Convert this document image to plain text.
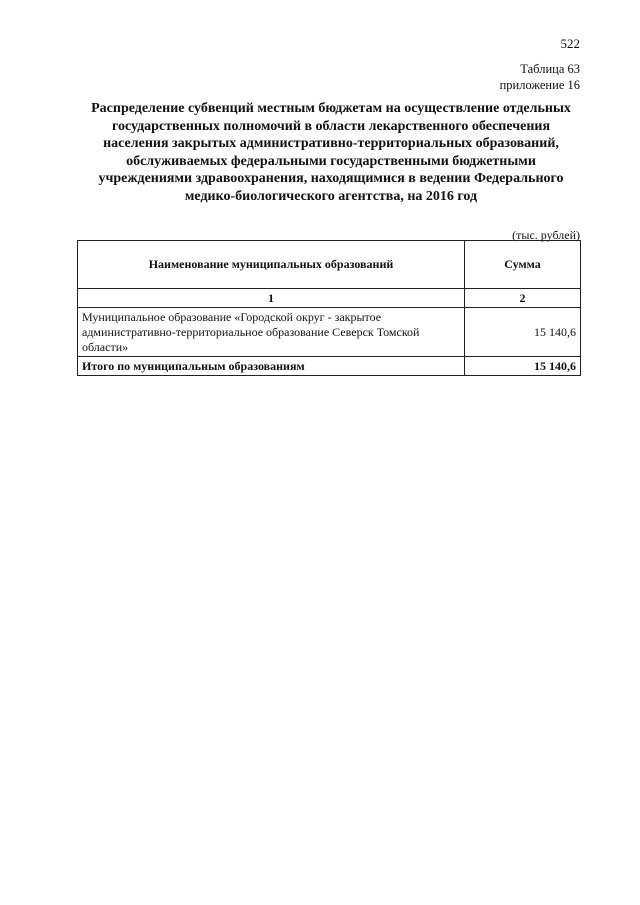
522
Таблица 63
приложение 16
Распределение субвенций местным бюджетам на осуществление отдельных
государственных полномочий в области лекарственного обеспечения
населения закрытых административно-территориальных образований,
обслуживаемых федеральными государственными бюджетными
учреждениями здравоохранения, находящимися в ведении Федерального
медико-биологического агентства, на 2016 год
(тыс. рублей)
Наименование муниципальных образований	Сумма
1	2

Муниципальное образование «Городской округ - закрытое
административно-территориальное образование Северск Томской
области»	15 140,6
Итого по муниципальным образованиям	15 140,6
